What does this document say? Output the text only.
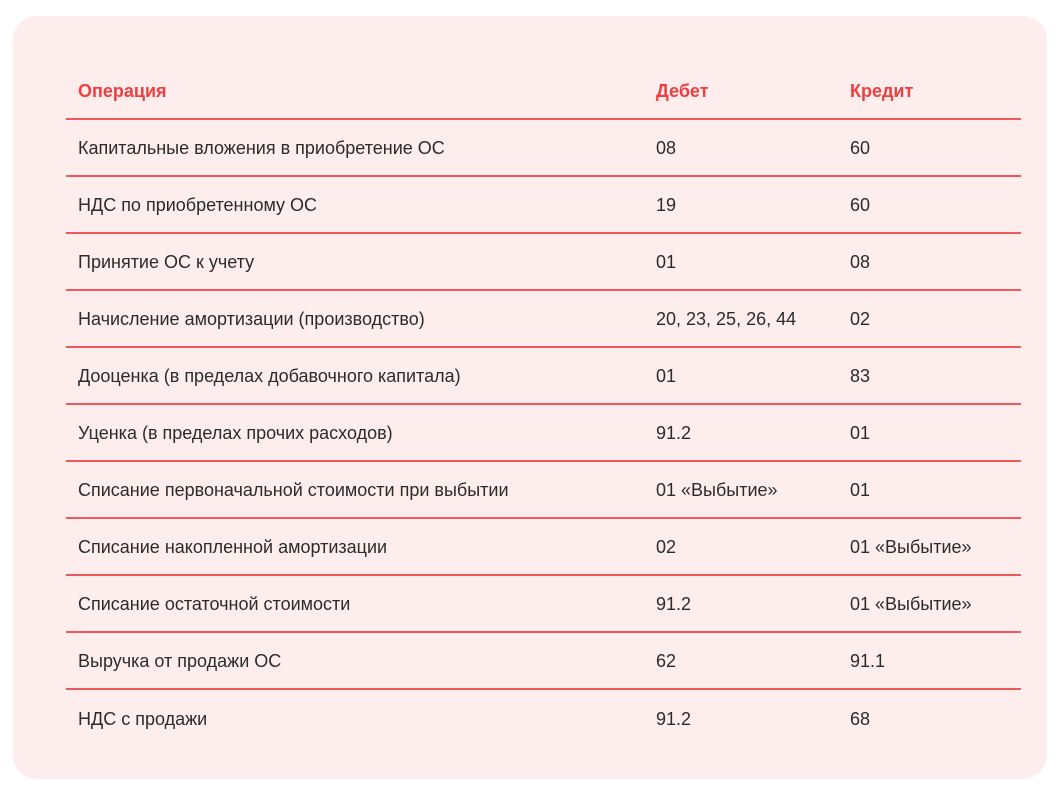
Операция	Дебет	Кредит
Капитальные вложения в приобретение ОС	08	60
НДС по приобретенному ОС	19	60
Принятие ОС к учету	01	08
Начисление амортизации (производство)	20, 23, 25, 26, 44	02
Дооценка (в пределах добавочного капитала)	01	83
Уценка (в пределах прочих расходов)	91.2	01
Списание первоначальной стоимости при выбытии	01 «Выбытие»	01
Списание накопленной амортизации	02	01 «Выбытие»
Списание остаточной стоимости	91.2	01 «Выбытие»
Выручка от продажи ОС	62	91.1
НДС с продажи	91.2	68
